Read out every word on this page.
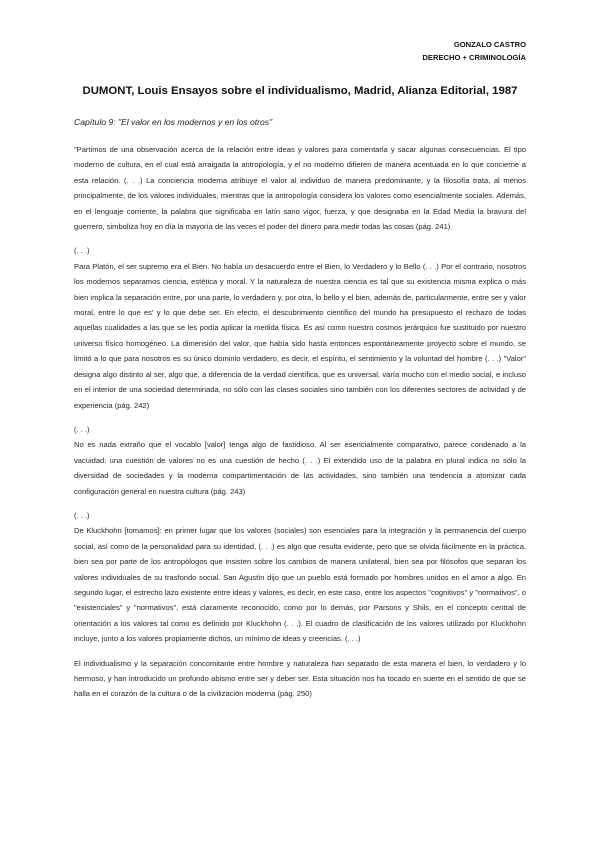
GONZALO CASTRO
DERECHO + CRIMINOLOGÍA
DUMONT, Louis Ensayos sobre el individualismo, Madrid, Alianza Editorial, 1987
Capítulo 9: "El valor en los modernos y en los otros"

"Partimos de una observación acerca de la relación entre ideas y valores para comentarla y sacar algunas consecuencias. El tipo moderno de cultura, en el cual está arraigada la antropología, y el no moderno difieren de manera acentuada en lo que concierne a esta relación. (. . .) La conciencia moderna atribuye el valor al individuo de manera predominante, y la filosofía trata, al menos principalmente, de los valores individuales, mientras que la antropología considera los valores como esencialmente sociales. Además, en el lenguaje corriente, la palabra que significaba en latín sano vigor, fuerza, y que designaba en la Edad Media la bravura del guerrero, simboliza hoy en día la mayoría de las veces el poder del dinero para medir todas las cosas (pág. 241)

(. . .)

Para Platón, el ser supremo era el Bien. No había un desacuerdo entre el Bien, lo Verdadero y lo Bello (. . .) Por el contrario, nosotros los modernos separamos ciencia, estética y moral. Y la naturaleza de nuestra ciencia es tal que su existencia misma explica o más bien implica la separación entre, por una parte, lo verdadero y, por otra, lo bello y el bien, además de, particularmente, entre ser y valor moral, entre lo que es' y lo que debe ser. En efecto, el descubrimiento científico del mundo ha presupuesto el rechazo de todas aquellas cualidades a las que se les podía aplicar la medida física. Es así como nuestro cosmos jerárquico fue sustituido por nuestro universo físico homogéneo. La dimensión del valor, que había sido hasta entonces espontáneamente proyecto sobre el mundo, se limitó a lo que para nosotros es su único dominio verdadero, es decir, el espíritu, el sentimiento y la voluntad del hombre (. . .) "Valor" designa algo distinto al ser, algo que, a diferencia de la verdad científica, que es universal, varía mucho con el medio social, e incluso en el interior de una sociedad determinada, no sólo con las clases sociales sino también con los diferentes sectores de actividad y de experiencia (pág. 242)

(. . .)

No es nada extraño que el vocablo [valor] tenga algo de fastidioso. Al ser esencialmente comparativo, parece condenado a la vacuidad: una cuestión de valores no es una cuestión de hecho (. . .) El extendido uso de la palabra en plural indica no sólo la diversidad de sociedades y la moderna compartimentación de las actividades, sino también una tendencia a atomizar cada configuración general en nuestra cultura (pág. 243)

(. . .)

De Kluckhohn [tomamos]: en primer lugar que los valores (sociales) son esenciales para la integración y la permanencia del cuerpo social, así como de la personalidad para su identidad, (. . .) es algo que resulta evidente, pero que se olvida fácilmente en la práctica, bien sea por parte de los antropólogos que insisten sobre los cambios de manera unilateral, bien sea por filósofos que separan los valores individuales de su trasfondo social. San Agustín dijo que un pueblo está formado por hombres unidos en el amor a algo. En segundo lugar, el estrecho lazo existente entre ideas y valores, es decir, en este caso, entre los aspectos "cognitivos" y "normativos", o "existenciales" y "normativos", está claramente reconocido, como por lo demás, por Parsons y Shils, en el concepto central de orientación a los valores tal como es definido por Kluckhohn (. . .). El cuadro de clasificación de los valores utilizado por Kluckhohn incluye, junto a los valores propiamente dichos, un mínimo de ideas y creencias. (. . .)

El individualismo y la separación concomitante entre hombre y naturaleza han separado de esta manera el bien, lo verdadero y lo hermoso, y han introducido un profundo abismo entre ser y deber ser. Esta situación nos ha tocado en suerte en el sentido de que se halla en el corazón de la cultura o de la civilización moderna (pág. 250)
